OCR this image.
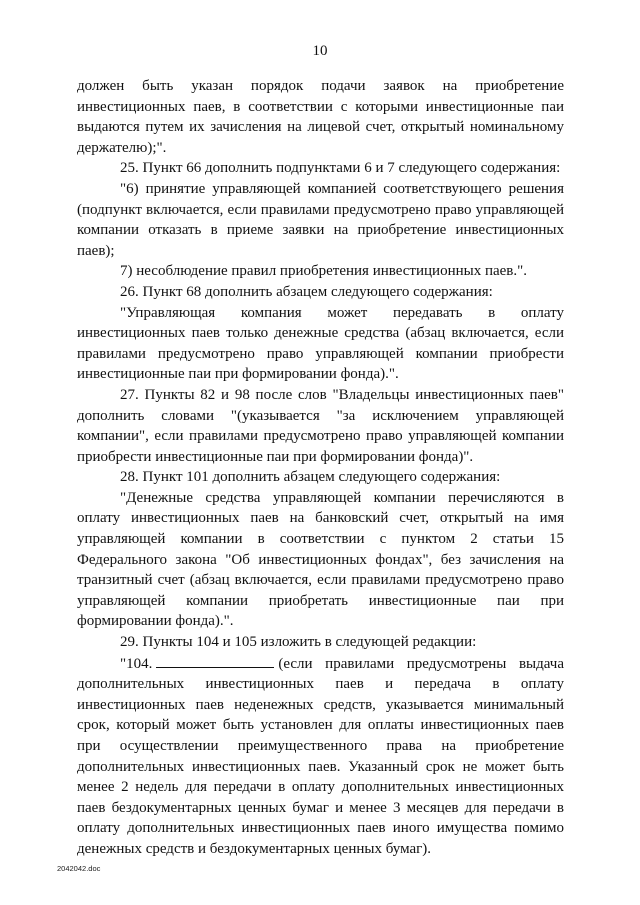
10

должен быть указан порядок подачи заявок на приобретение инвестиционных паев, в соответствии с которыми инвестиционные паи выдаются путем их зачисления на лицевой счет, открытый номинальному держателю);".

25. Пункт 66 дополнить подпунктами 6 и 7 следующего содержания:

"6) принятие управляющей компанией соответствующего решения (подпункт включается, если правилами предусмотрено право управляющей компании отказать в приеме заявки на приобретение инвестиционных паев);

7) несоблюдение правил приобретения инвестиционных паев.".

26. Пункт 68 дополнить абзацем следующего содержания:

"Управляющая компания может передавать в оплату инвестиционных паев только денежные средства (абзац включается, если правилами предусмотрено право управляющей компании приобрести инвестиционные паи при формировании фонда).".

27. Пункты 82 и 98 после слов "Владельцы инвестиционных паев" дополнить словами "(указывается "за исключением управляющей компании", если правилами предусмотрено право управляющей компании приобрести инвестиционные паи при формировании фонда)".

28. Пункт 101 дополнить абзацем следующего содержания:

"Денежные средства управляющей компании перечисляются в оплату инвестиционных паев на банковский счет, открытый на имя управляющей компании в соответствии с пунктом 2 статьи 15 Федерального закона "Об инвестиционных фондах", без зачисления на транзитный счет (абзац включается, если правилами предусмотрено право управляющей компании приобретать инвестиционные паи при формировании фонда).".

29. Пункты 104 и 105 изложить в следующей редакции:

"104.	(если правилами предусмотрены выдача дополнительных инвестиционных паев и передача в оплату инвестиционных паев неденежных средств, указывается минимальный срок, который может быть установлен для оплаты инвестиционных паев при осуществлении преимущественного права на приобретение дополнительных инвестиционных паев. Указанный срок не может быть менее 2 недель для передачи в оплату дополнительных инвестиционных паев бездокументарных ценных бумаг и менее 3 месяцев для передачи в оплату дополнительных инвестиционных паев иного имущества помимо денежных средств и бездокументарных ценных бумаг).

2042042.doc
